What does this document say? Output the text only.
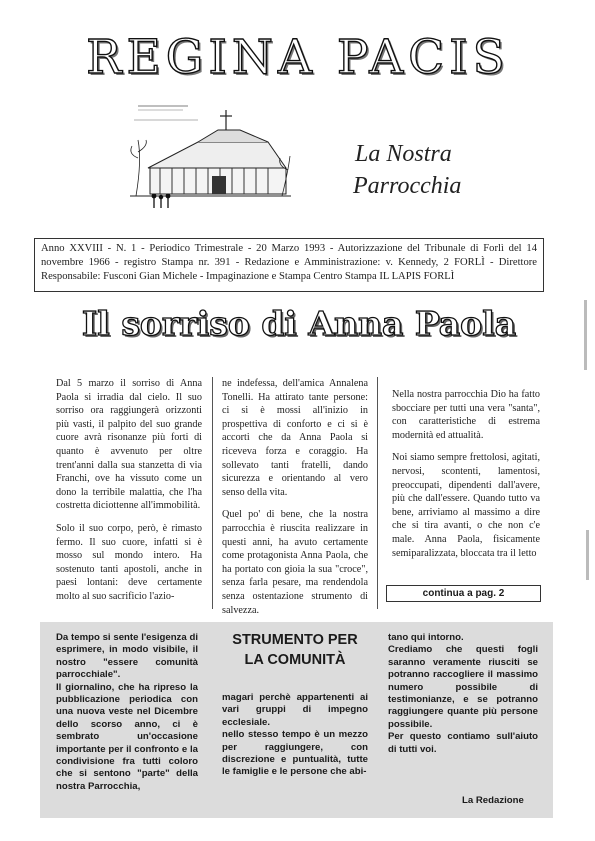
REGINA PACIS
La Nostra
Parrocchia
Anno XXVIII - N. 1 - Periodico Trimestrale - 20 Marzo 1993 - Autorizzazione del Tribunale di Forlì del 14 novembre 1966 - registro Stampa nr. 391 - Redazione e Amministrazione: v. Kennedy, 2 FORLÌ - Direttore Responsabile: Fusconi Gian Michele - Impaginazione e Stampa Centro Stampa IL LAPIS FORLÌ
Il sorriso di Anna Paola

Dal 5 marzo il sorriso di Anna Paola si irradia dal cielo. Il suo sorriso ora raggiungerà orizzonti più vasti, il palpito del suo grande cuore avrà risonanze più forti di quanto è avvenuto per oltre trent'anni dalla sua stanzetta di via Franchi, ove ha vissuto come un dono la terribile malattia, che l'ha costretta diciottenne all'immobilità.

Solo il suo corpo, però, è rimasto fermo. Il suo cuore, infatti si è mosso sul mondo intero. Ha sostenuto tanti apostoli, anche in paesi lontani: deve certamente molto al suo sacrificio l'azio-

ne indefessa, dell'amica Annalena Tonelli. Ha attirato tante persone: ci si è mossi all'inizio in prospettiva di conforto e ci si è accorti che da Anna Paola si riceveva forza e coraggio. Ha sollevato tanti fratelli, dando sicurezza e orientando al vero senso della vita.

Quel po' di bene, che la nostra parrocchia è riuscita realizzare in questi anni, ha avuto certamente come protagonista Anna Paola, che ha portato con gioia la sua "croce", senza farla pesare, ma rendendola senza ostentazione strumento di salvezza.

Nella nostra parrocchia Dio ha fatto sbocciare per tutti una vera "santa", con caratteristiche di estrema modernità ed attualità.

Noi siamo sempre frettolosi, agitati, nervosi, scontenti, lamentosi, preoccupati, dipendenti dall'avere, più che dall'essere. Quando tutto va bene, arriviamo al massimo a dire che si tira avanti, o che non c'e male. Anna Paola, fisicamente semiparalizzata, bloccata tra il letto

continua a pag. 2
STRUMENTO PER
LA COMUNITÀ

Da tempo si sente l'esigenza di esprimere, in modo visibile, il nostro "essere comunità parrocchiale".

Il giornalino, che ha ripreso la pubblicazione periodica con una nuova veste nel Dicembre dello scorso anno, ci è sembrato un'occasione importante per il confronto e la condivisione fra tutti coloro che si sentono "parte" della nostra Parrocchia,

magari perchè appartenenti ai vari gruppi di impegno ecclesiale.

nello stesso tempo è un mezzo per raggiungere, con discrezione e puntualità, tutte le famiglie e le persone che abi-

tano qui intorno.

Crediamo che questi fogli saranno veramente riusciti se potranno raccogliere il massimo numero possibile di testimonianze, e se potranno raggiungere quante più persone possibile.

Per questo contiamo sull'aiuto di tutti voi.

La Redazione
